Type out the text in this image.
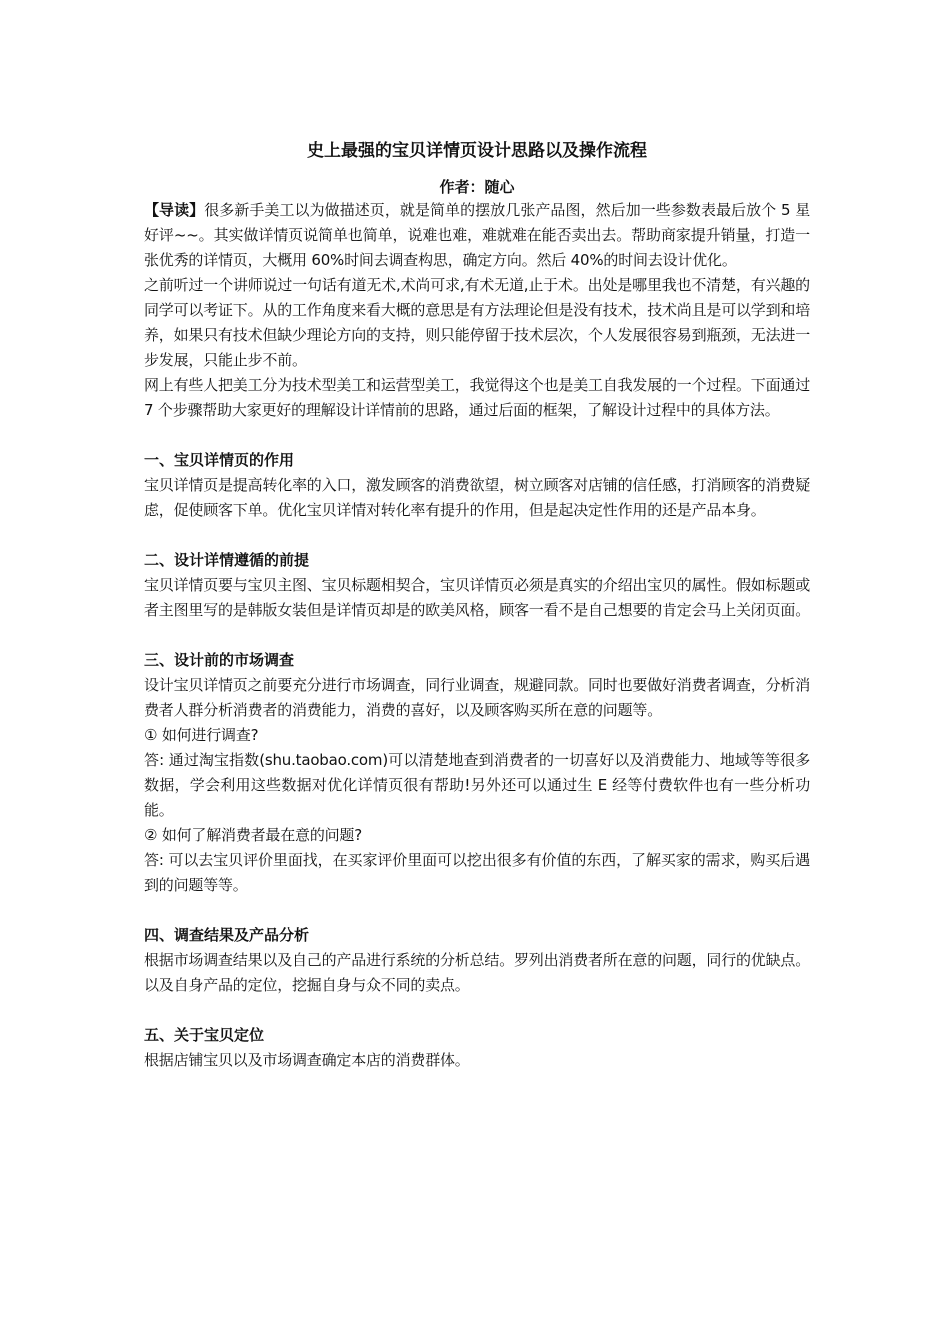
史上最强的宝贝详情页设计思路以及操作流程

作者：随心

【导读】很多新手美工以为做描述页，就是简单的摆放几张产品图，然后加一些参数表最后放个 5 星好评~~。其实做详情页说简单也简单，说难也难，难就难在能否卖出去。帮助商家提升销量，打造一张优秀的详情页，大概用 60%时间去调查构思，确定方向。然后 40%的时间去设计优化。

之前听过一个讲师说过一句话有道无术,术尚可求,有术无道,止于术。出处是哪里我也不清楚，有兴趣的同学可以考证下。从的工作角度来看大概的意思是有方法理论但是没有技术，技术尚且是可以学到和培养，如果只有技术但缺少理论方向的支持，则只能停留于技术层次，个人发展很容易到瓶颈，无法进一步发展，只能止步不前。

网上有些人把美工分为技术型美工和运营型美工，我觉得这个也是美工自我发展的一个过程。下面通过 7 个步骤帮助大家更好的理解设计详情前的思路，通过后面的框架，了解设计过程中的具体方法。

一、宝贝详情页的作用

宝贝详情页是提高转化率的入口，激发顾客的消费欲望，树立顾客对店铺的信任感，打消顾客的消费疑虑，促使顾客下单。优化宝贝详情对转化率有提升的作用，但是起决定性作用的还是产品本身。

二、设计详情遵循的前提

宝贝详情页要与宝贝主图、宝贝标题相契合，宝贝详情页必须是真实的介绍出宝贝的属性。假如标题或者主图里写的是韩版女装但是详情页却是的欧美风格，顾客一看不是自己想要的肯定会马上关闭页面。

三、设计前的市场调查

设计宝贝详情页之前要充分进行市场调查，同行业调查，规避同款。同时也要做好消费者调查，分析消费者人群分析消费者的消费能力，消费的喜好，以及顾客购买所在意的问题等。

① 如何进行调查?

答: 通过淘宝指数(shu.taobao.com)可以清楚地查到消费者的一切喜好以及消费能力、地域等等很多数据，学会利用这些数据对优化详情页很有帮助!另外还可以通过生 E 经等付费软件也有一些分析功能。

② 如何了解消费者最在意的问题?

答: 可以去宝贝评价里面找，在买家评价里面可以挖出很多有价值的东西，了解买家的需求，购买后遇到的问题等等。

四、调查结果及产品分析

根据市场调查结果以及自己的产品进行系统的分析总结。罗列出消费者所在意的问题，同行的优缺点。以及自身产品的定位，挖掘自身与众不同的卖点。

五、关于宝贝定位

根据店铺宝贝以及市场调查确定本店的消费群体。
